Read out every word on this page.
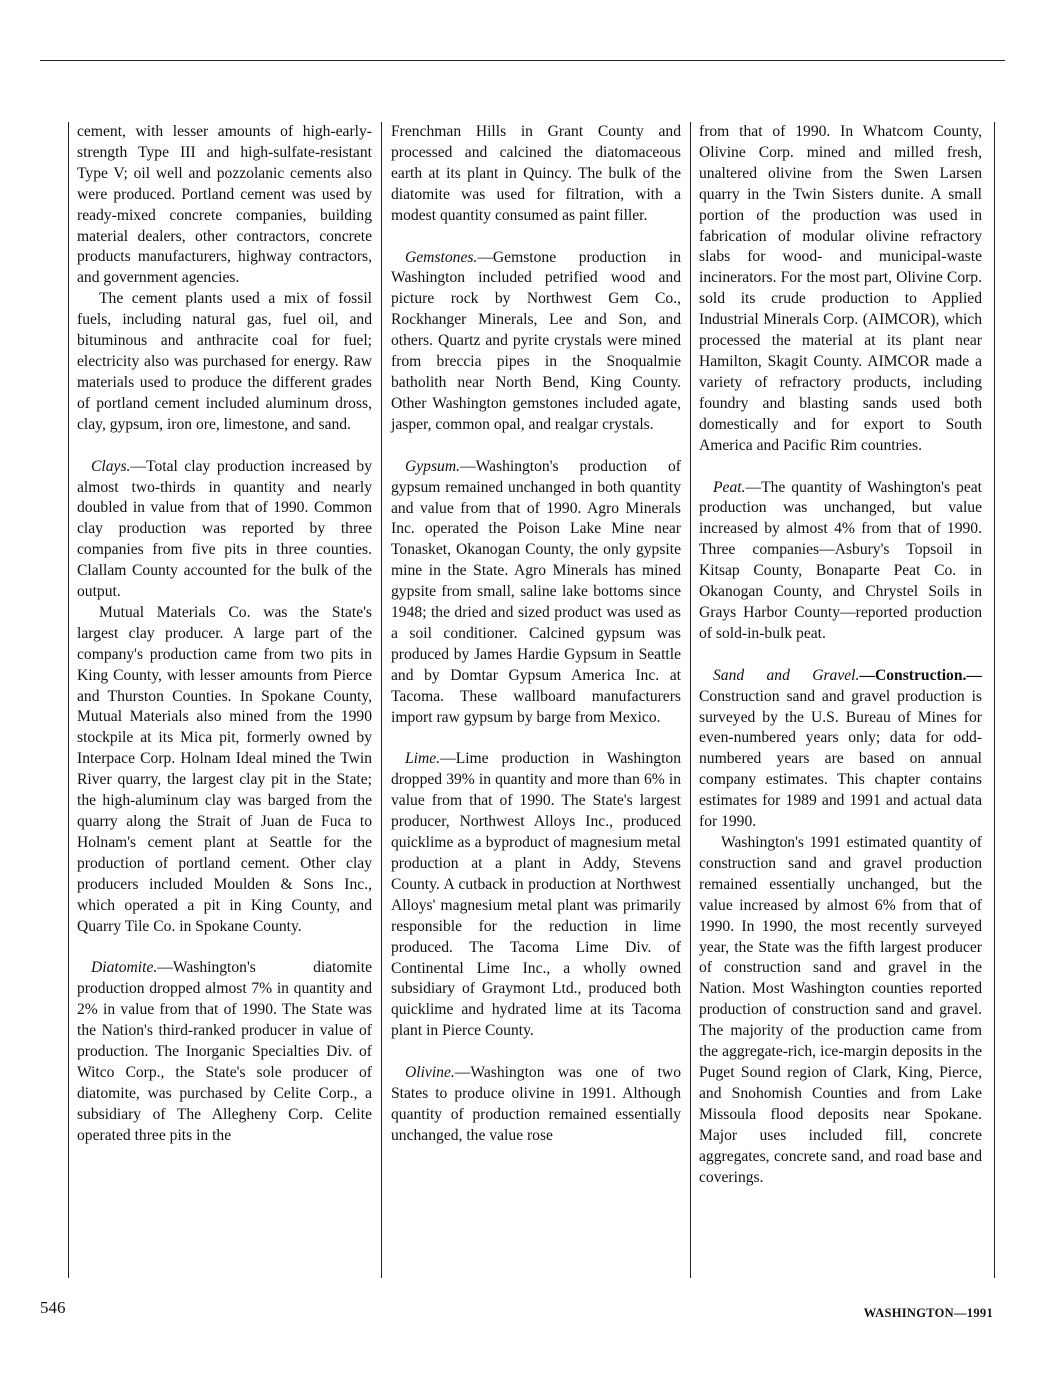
cement, with lesser amounts of high-early-strength Type III and high-sulfate-resistant Type V; oil well and pozzolanic cements also were produced. Portland cement was used by ready-mixed concrete companies, building material dealers, other contractors, concrete products manufacturers, highway contractors, and government agencies.

The cement plants used a mix of fossil fuels, including natural gas, fuel oil, and bituminous and anthracite coal for fuel; electricity also was purchased for energy. Raw materials used to produce the different grades of portland cement included aluminum dross, clay, gypsum, iron ore, limestone, and sand.

Clays.—Total clay production increased by almost two-thirds in quantity and nearly doubled in value from that of 1990. Common clay production was reported by three companies from five pits in three counties. Clallam County accounted for the bulk of the output.

Mutual Materials Co. was the State's largest clay producer. A large part of the company's production came from two pits in King County, with lesser amounts from Pierce and Thurston Counties. In Spokane County, Mutual Materials also mined from the 1990 stockpile at its Mica pit, formerly owned by Interpace Corp. Holnam Ideal mined the Twin River quarry, the largest clay pit in the State; the high-aluminum clay was barged from the quarry along the Strait of Juan de Fuca to Holnam's cement plant at Seattle for the production of portland cement. Other clay producers included Moulden & Sons Inc., which operated a pit in King County, and Quarry Tile Co. in Spokane County.

Diatomite.—Washington's diatomite production dropped almost 7% in quantity and 2% in value from that of 1990. The State was the Nation's third-ranked producer in value of production. The Inorganic Specialties Div. of Witco Corp., the State's sole producer of diatomite, was purchased by Celite Corp., a subsidiary of The Allegheny Corp. Celite operated three pits in the

Frenchman Hills in Grant County and processed and calcined the diatomaceous earth at its plant in Quincy. The bulk of the diatomite was used for filtration, with a modest quantity consumed as paint filler.

Gemstones.—Gemstone production in Washington included petrified wood and picture rock by Northwest Gem Co., Rockhanger Minerals, Lee and Son, and others. Quartz and pyrite crystals were mined from breccia pipes in the Snoqualmie batholith near North Bend, King County. Other Washington gemstones included agate, jasper, common opal, and realgar crystals.

Gypsum.—Washington's production of gypsum remained unchanged in both quantity and value from that of 1990. Agro Minerals Inc. operated the Poison Lake Mine near Tonasket, Okanogan County, the only gypsite mine in the State. Agro Minerals has mined gypsite from small, saline lake bottoms since 1948; the dried and sized product was used as a soil conditioner. Calcined gypsum was produced by James Hardie Gypsum in Seattle and by Domtar Gypsum America Inc. at Tacoma. These wallboard manufacturers import raw gypsum by barge from Mexico.

Lime.—Lime production in Washington dropped 39% in quantity and more than 6% in value from that of 1990. The State's largest producer, Northwest Alloys Inc., produced quicklime as a byproduct of magnesium metal production at a plant in Addy, Stevens County. A cutback in production at Northwest Alloys' magnesium metal plant was primarily responsible for the reduction in lime produced. The Tacoma Lime Div. of Continental Lime Inc., a wholly owned subsidiary of Graymont Ltd., produced both quicklime and hydrated lime at its Tacoma plant in Pierce County.

Olivine.—Washington was one of two States to produce olivine in 1991. Although quantity of production remained essentially unchanged, the value rose

from that of 1990. In Whatcom County, Olivine Corp. mined and milled fresh, unaltered olivine from the Swen Larsen quarry in the Twin Sisters dunite. A small portion of the production was used in fabrication of modular olivine refractory slabs for wood- and municipal-waste incinerators. For the most part, Olivine Corp. sold its crude production to Applied Industrial Minerals Corp. (AIMCOR), which processed the material at its plant near Hamilton, Skagit County. AIMCOR made a variety of refractory products, including foundry and blasting sands used both domestically and for export to South America and Pacific Rim countries.

Peat.—The quantity of Washington's peat production was unchanged, but value increased by almost 4% from that of 1990. Three companies—Asbury's Topsoil in Kitsap County, Bonaparte Peat Co. in Okanogan County, and Chrystel Soils in Grays Harbor County—reported production of sold-in-bulk peat.

Sand and Gravel.—Construction.— Construction sand and gravel production is surveyed by the U.S. Bureau of Mines for even-numbered years only; data for odd-numbered years are based on annual company estimates. This chapter contains estimates for 1989 and 1991 and actual data for 1990.

Washington's 1991 estimated quantity of construction sand and gravel production remained essentially unchanged, but the value increased by almost 6% from that of 1990. In 1990, the most recently surveyed year, the State was the fifth largest producer of construction sand and gravel in the Nation. Most Washington counties reported production of construction sand and gravel. The majority of the production came from the aggregate-rich, ice-margin deposits in the Puget Sound region of Clark, King, Pierce, and Snohomish Counties and from Lake Missoula flood deposits near Spokane. Major uses included fill, concrete aggregates, concrete sand, and road base and coverings.

546	WASHINGTON—1991
